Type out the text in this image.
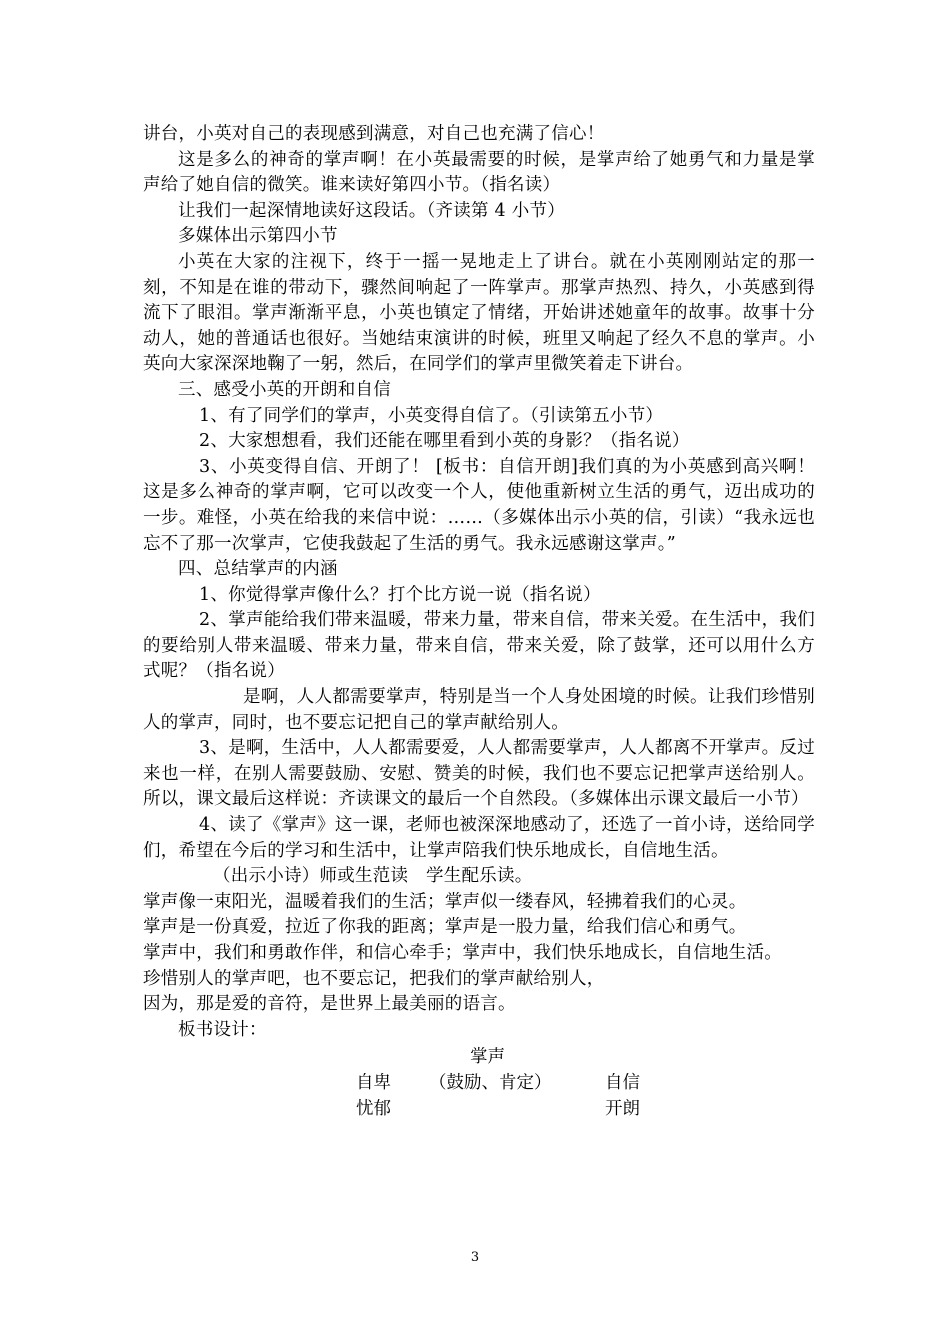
讲台，小英对自己的表现感到满意，对自己也充满了信心！

这是多么的神奇的掌声啊！在小英最需要的时候，是掌声给了她勇气和力量是掌声给了她自信的微笑。谁来读好第四小节。（指名读）

让我们一起深情地读好这段话。（齐读第 4 小节）

多媒体出示第四小节

小英在大家的注视下，终于一摇一晃地走上了讲台。就在小英刚刚站定的那一刻，不知是在谁的带动下，骤然间响起了一阵掌声。那掌声热烈、持久，小英感到得流下了眼泪。掌声渐渐平息，小英也镇定了情绪，开始讲述她童年的故事。故事十分动人，她的普通话也很好。当她结束演讲的时候，班里又响起了经久不息的掌声。小英向大家深深地鞠了一躬，然后，在同学们的掌声里微笑着走下讲台。

三、感受小英的开朗和自信

1、有了同学们的掌声，小英变得自信了。（引读第五小节）

2、大家想想看，我们还能在哪里看到小英的身影？（指名说）

3、小英变得自信、开朗了！ [板书：自信开朗]我们真的为小英感到高兴啊！这是多么神奇的掌声啊，它可以改变一个人，使他重新树立生活的勇气，迈出成功的一步。难怪，小英在给我的来信中说：……（多媒体出示小英的信，引读）“我永远也忘不了那一次掌声，它使我鼓起了生活的勇气。我永远感谢这掌声。”

四、总结掌声的内涵

1、你觉得掌声像什么？打个比方说一说（指名说）

2、掌声能给我们带来温暖，带来力量，带来自信，带来关爱。在生活中，我们的要给别人带来温暖、带来力量，带来自信，带来关爱，除了鼓掌，还可以用什么方式呢？（指名说）

是啊，人人都需要掌声，特别是当一个人身处困境的时候。让我们珍惜别人的掌声，同时，也不要忘记把自己的掌声献给别人。

3、是啊，生活中，人人都需要爱，人人都需要掌声，人人都离不开掌声。反过来也一样，在别人需要鼓励、安慰、赞美的时候，我们也不要忘记把掌声送给别人。所以，课文最后这样说：齐读课文的最后一个自然段。（多媒体出示课文最后一小节）

4、读了《掌声》这一课，老师也被深深地感动了，还选了一首小诗，送给同学们，希望在今后的学习和生活中，让掌声陪我们快乐地成长，自信地生活。

（出示小诗）师或生范读　学生配乐读。

掌声像一束阳光，温暖着我们的生活；掌声似一缕春风，轻拂着我们的心灵。

掌声是一份真爱，拉近了你我的距离；掌声是一股力量，给我们信心和勇气。

掌声中，我们和勇敢作伴，和信心牵手；掌声中，我们快乐地成长，自信地生活。

珍惜别人的掌声吧，也不要忘记，把我们的掌声献给别人，

因为，那是爱的音符，是世界上最美丽的语言。

板书设计：

掌声
自卑 （鼓励、肯定）	自信
忧郁	开朗
3
